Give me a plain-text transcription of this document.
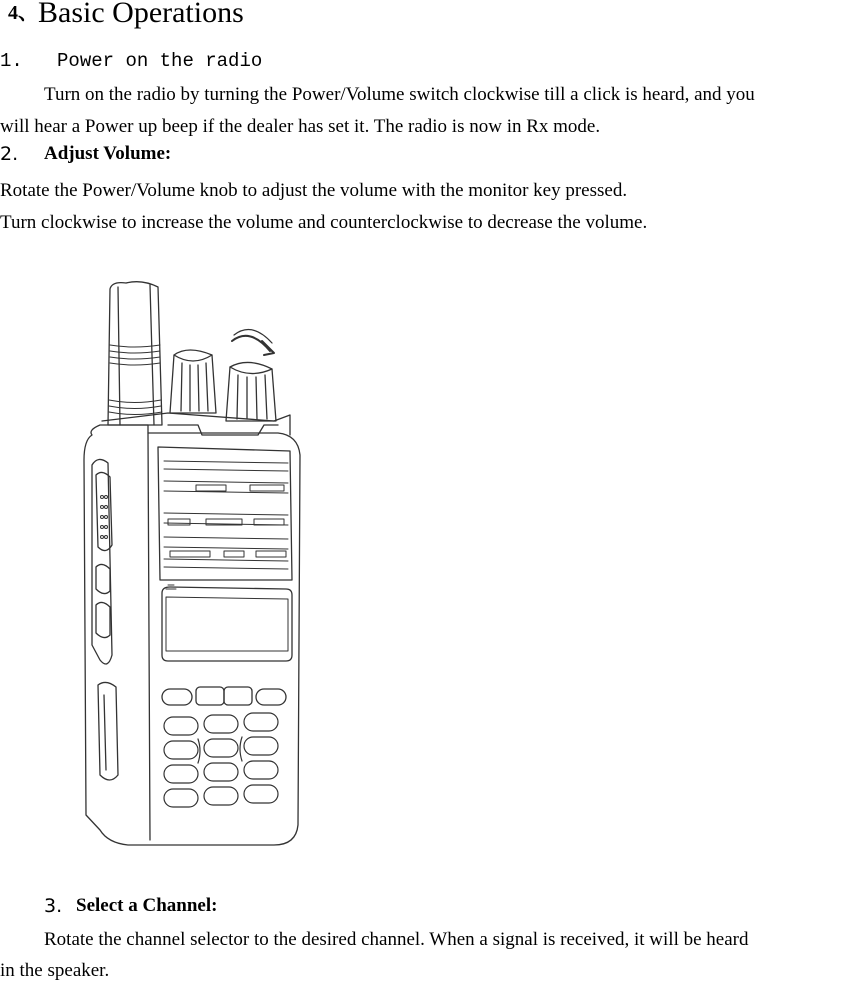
4、Basic Operations
1. Power on the radio
Turn on the radio by turning the Power/Volume switch clockwise till a click is heard, and you
will hear a Power up beep if the dealer has set it. The radio is now in Rx mode.
2. Adjust Volume:
Rotate the Power/Volume knob to adjust the volume with the monitor key pressed.
Turn clockwise to increase the volume and counterclockwise to decrease the volume.
3. Select a Channel:
Rotate the channel selector to the desired channel. When a signal is received, it will be heard
in the speaker.
